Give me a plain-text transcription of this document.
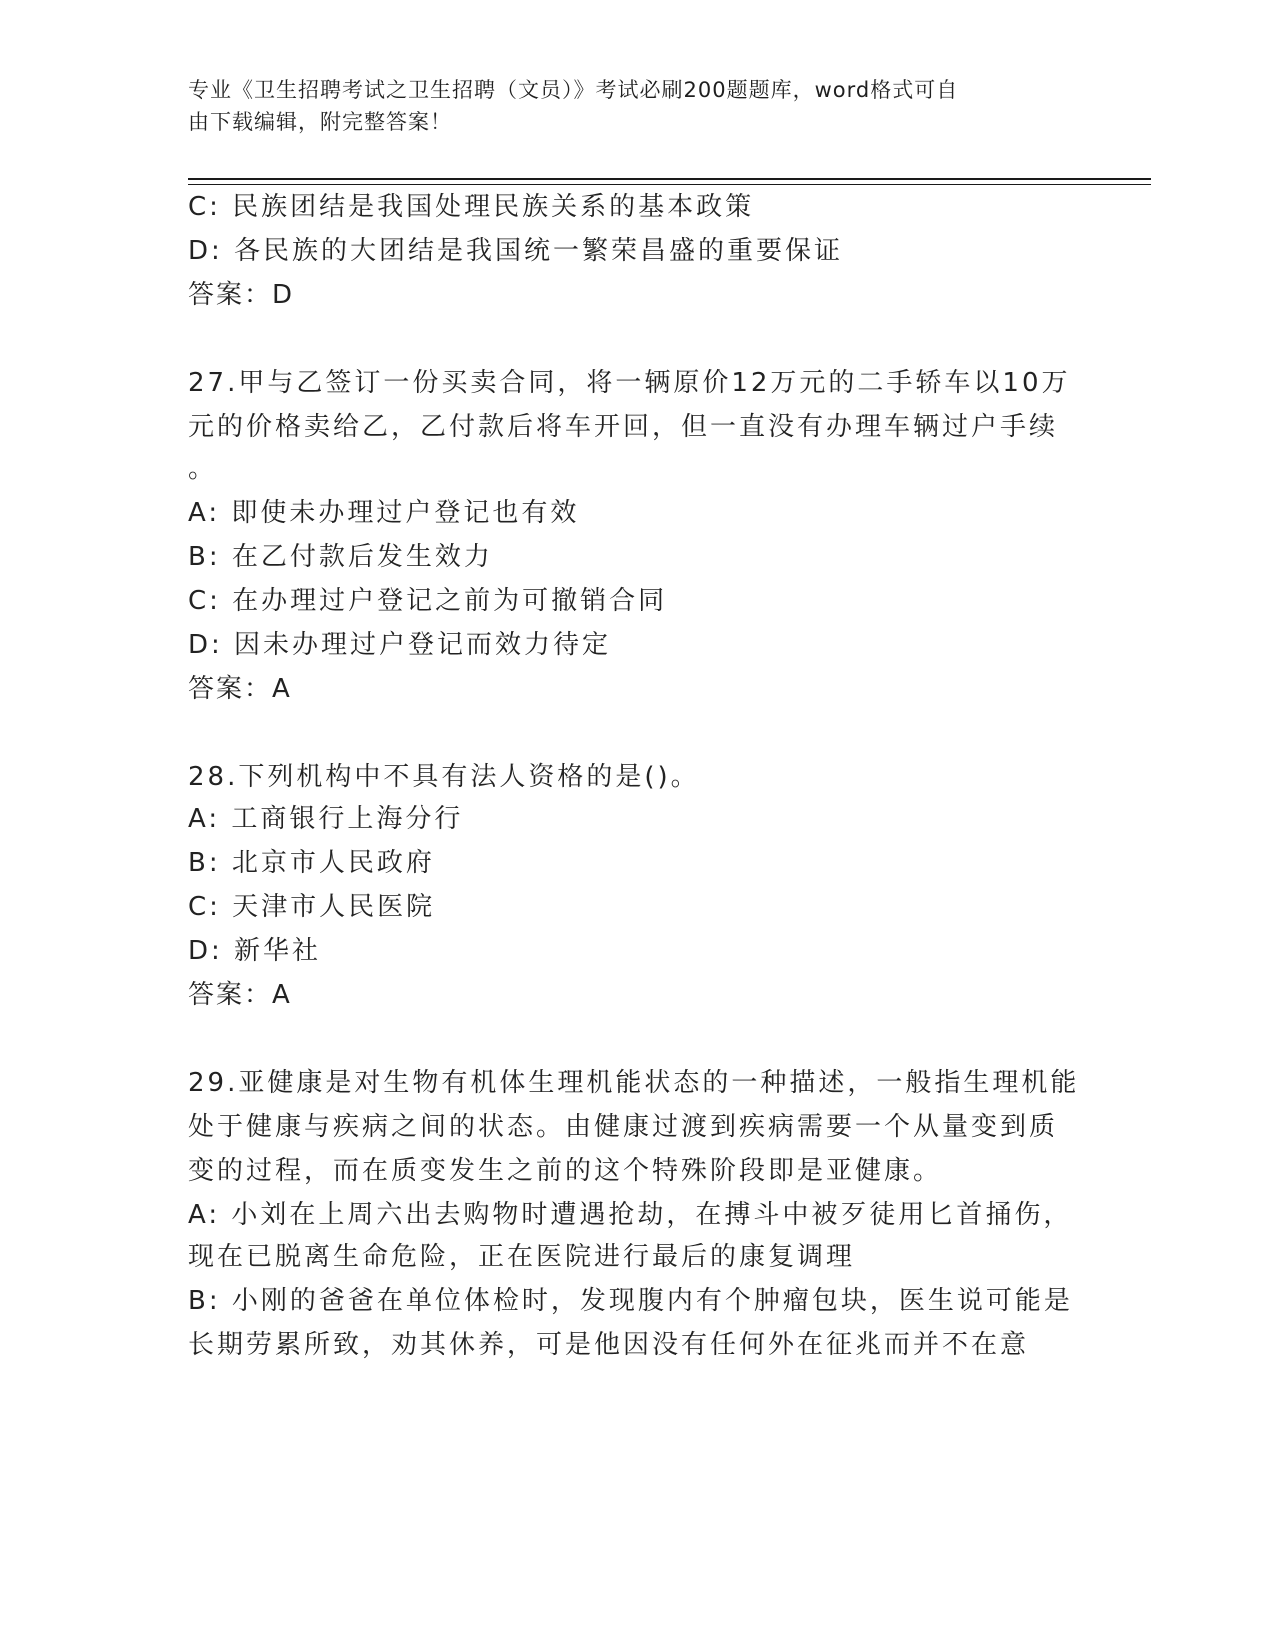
专业《卫生招聘考试之卫生招聘（文员）》考试必刷200题题库，word格式可自
由下载编辑，附完整答案！
C: 民族团结是我国处理民族关系的基本政策
D: 各民族的大团结是我国统一繁荣昌盛的重要保证
答案：D
27.甲与乙签订一份买卖合同，将一辆原价12万元的二手轿车以10万
元的价格卖给乙，乙付款后将车开回，但一直没有办理车辆过户手续
。
A: 即使未办理过户登记也有效
B: 在乙付款后发生效力
C: 在办理过户登记之前为可撤销合同
D: 因未办理过户登记而效力待定
答案：A
28.下列机构中不具有法人资格的是()。
A: 工商银行上海分行
B: 北京市人民政府
C: 天津市人民医院
D: 新华社
答案：A
29.亚健康是对生物有机体生理机能状态的一种描述，一般指生理机能
处于健康与疾病之间的状态。由健康过渡到疾病需要一个从量变到质
变的过程，而在质变发生之前的这个特殊阶段即是亚健康。
A: 小刘在上周六出去购物时遭遇抢劫，在搏斗中被歹徒用匕首捅伤，
现在已脱离生命危险，正在医院进行最后的康复调理
B: 小刚的爸爸在单位体检时，发现腹内有个肿瘤包块，医生说可能是
长期劳累所致，劝其休养，可是他因没有任何外在征兆而并不在意
